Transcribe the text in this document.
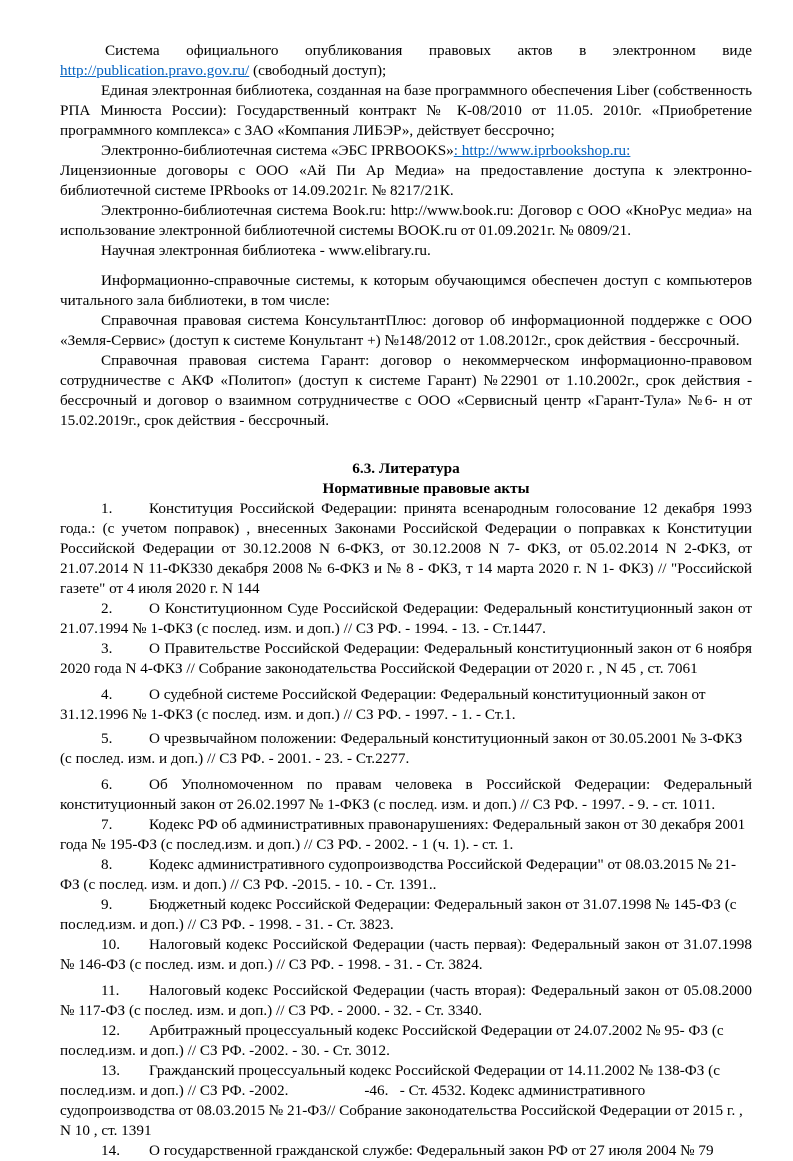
Система официального опубликования правовых актов в электронном виде http://publication.pravo.gov.ru/ (свободный доступ);

Единая электронная библиотека, созданная на базе программного обеспечения Liber (собственность РПА Минюста России): Государственный контракт № К-08/2010 от 11.05. 2010г. «Приобретение программного комплекса» с ЗАО «Компания ЛИБЭР», действует бессрочно;

Электронно-библиотечная система «ЭБС IPRBOOKS»: http://www.iprbookshop.ru:

Лицензионные договоры с ООО «Ай Пи Ар Медиа» на предоставление доступа к электронно-библиотечной системе IPRbooks от 14.09.2021г. № 8217/21К.

Электронно-библиотечная система Book.ru: http://www.book.ru: Договор с ООО «КноРус медиа» на использование электронной библиотечной системы BOOK.ru от 01.09.2021г. № 0809/21.

Научная электронная библиотека - www.elibrary.ru.

Информационно-справочные системы, к которым обучающимся обеспечен доступ с компьютеров читального зала библиотеки, в том числе:

Справочная правовая система КонсультантПлюс: договор об информационной поддержке с ООО «Земля-Сервис» (доступ к системе Конультант +) №148/2012 от 1.08.2012г., срок действия - бессрочный.

Справочная правовая система Гарант: договор о некоммерческом информационно-правовом сотрудничестве с АКФ «Политоп» (доступ к системе Гарант) №22901 от 1.10.2002г., срок действия - бессрочный и договор о взаимном сотрудничестве с ООО «Сервисный центр «Гарант-Тула» №6- н от 15.02.2019г., срок действия - бессрочный.

6.3. Литература
Нормативные правовые акты

1. Конституция Российской Федерации: принята всенародным голосование 12 декабря 1993 года.: (с учетом поправок) , внесенных Законами Российской Федерации о поправках к Конституции Российской Федерации от 30.12.2008 N 6-ФКЗ, от 30.12.2008 N 7- ФКЗ, от 05.02.2014 N 2-ФКЗ, от 21.07.2014 N 11-ФКЗ30 декабря 2008 № 6-ФКЗ и № 8 - ФКЗ, т 14 марта 2020 г. N 1- ФКЗ) // "Российской газете" от 4 июля 2020 г. N 144

2. О Конституционном Суде Российской Федерации: Федеральный конституционный закон от 21.07.1994 № 1-ФКЗ (с послед. изм. и доп.) // СЗ РФ. - 1994. - 13. - Ст.1447.

3. О Правительстве Российской Федерации: Федеральный конституционный закон от 6 ноября 2020 года N 4-ФКЗ // Собрание законодательства Российской Федерации от 2020 г. , N 45 , ст. 7061

4. О судебной системе Российской Федерации: Федеральный конституционный закон от 31.12.1996 № 1-ФКЗ (с послед. изм. и доп.) // СЗ РФ. - 1997. - 1. - Ст.1.

5. О чрезвычайном положении: Федеральный конституционный закон от 30.05.2001 № 3-ФКЗ (с послед. изм. и доп.) // СЗ РФ. - 2001. - 23. - Ст.2277.

6. Об Уполномоченном по правам человека в Российской Федерации: Федеральный конституционный закон от 26.02.1997 № 1-ФКЗ (с послед. изм. и доп.) // СЗ РФ. - 1997. - 9. - ст. 1011.

7. Кодекс РФ об административных правонарушениях: Федеральный закон от 30 декабря 2001 года № 195-ФЗ (с послед.изм. и доп.) // СЗ РФ. - 2002. - 1 (ч. 1). - ст. 1.

8. Кодекс административного судопроизводства Российской Федерации" от 08.03.2015 № 21-ФЗ (с послед. изм. и доп.) // СЗ РФ. -2015. - 10. - Ст. 1391..

9. Бюджетный кодекс Российской Федерации: Федеральный закон от 31.07.1998 № 145-ФЗ (с послед.изм. и доп.) // СЗ РФ. - 1998. - 31. - Ст. 3823.

10. Налоговый кодекс Российской Федерации (часть первая): Федеральный закон от 31.07.1998 № 146-ФЗ (с послед. изм. и доп.) // СЗ РФ. - 1998. - 31. - Ст. 3824.

11. Налоговый кодекс Российской Федерации (часть вторая): Федеральный закон от 05.08.2000 № 117-ФЗ (с послед. изм. и доп.) // СЗ РФ. - 2000. - 32. - Ст. 3340.

12. Арбитражный процессуальный кодекс Российской Федерации от 24.07.2002 № 95- ФЗ (с послед.изм. и доп.) // СЗ РФ. -2002. - 30. - Ст. 3012.

13. Гражданский процессуальный кодекс Российской Федерации от 14.11.2002 № 138-ФЗ (с послед.изм. и доп.) // СЗ РФ. -2002.                    -46.   - Ст. 4532. Кодекс административного судопроизводства от 08.03.2015 № 21-ФЗ// Собрание законодательства Российской Федерации от 2015 г. , N 10 , ст. 1391

14. О государственной гражданской службе: Федеральный закон РФ от 27 июля 2004 № 79
